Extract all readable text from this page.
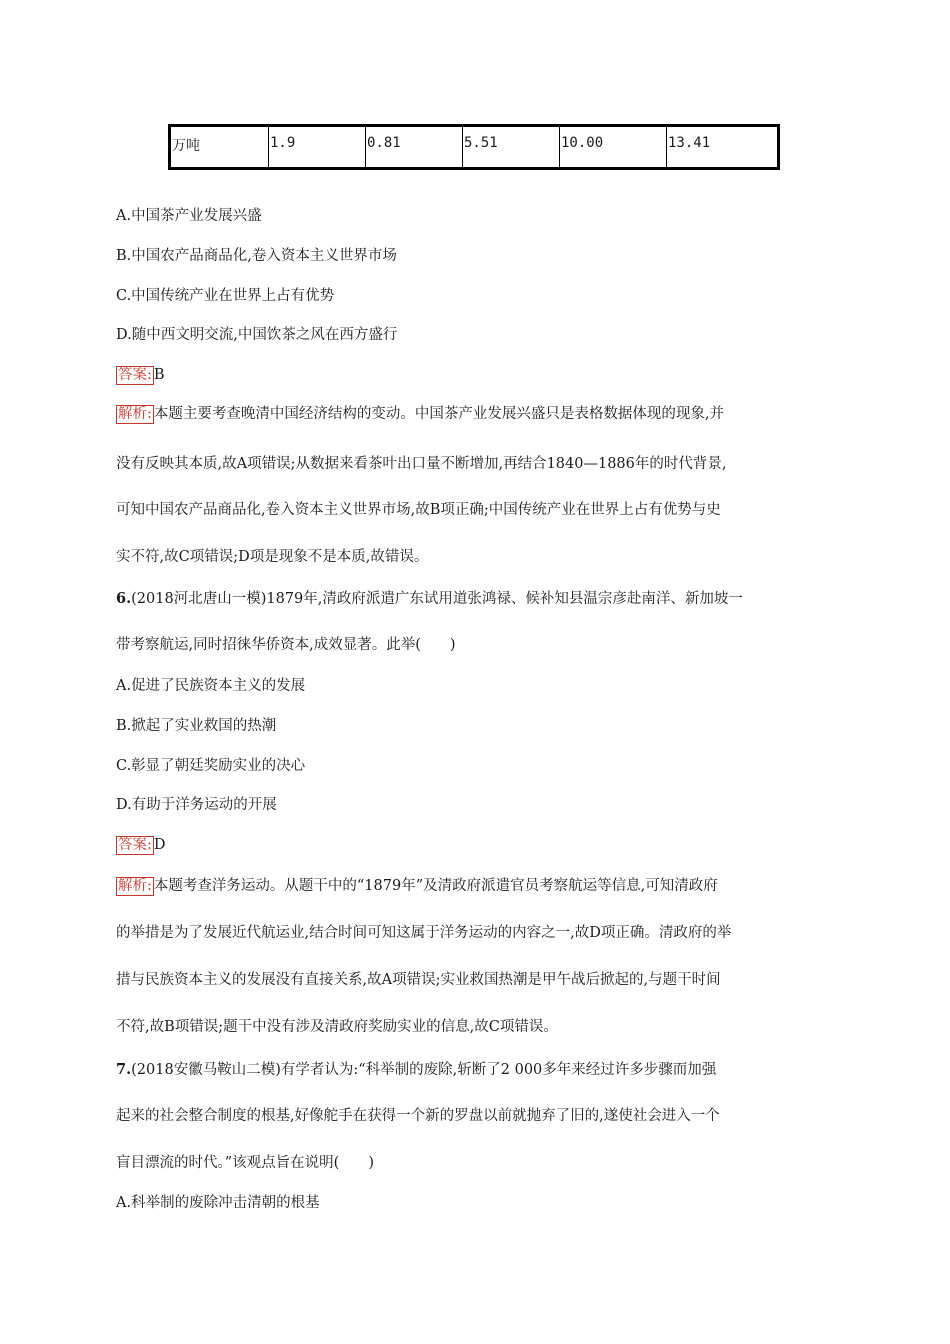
万吨	1.9	0.81	5.51	10.00	13.41
A.中国茶产业发展兴盛
B.中国农产品商品化,卷入资本主义世界市场
C.中国传统产业在世界上占有优势
D.随中西文明交流,中国饮茶之风在西方盛行
答案: B
解析: 本题主要考查晚清中国经济结构的变动。中国茶产业发展兴盛只是表格数据体现的现象,并
没有反映其本质,故A项错误;从数据来看茶叶出口量不断增加,再结合1840—1886年的时代背景,
可知中国农产品商品化,卷入资本主义世界市场,故B项正确;中国传统产业在世界上占有优势与史
实不符,故C项错误;D项是现象不是本质,故错误。
6.(2018河北唐山一模)1879年,清政府派遣广东试用道张鸿禄、候补知县温宗彦赴南洋、新加坡一
带考察航运,同时招徕华侨资本,成效显著。此举(　　)
A.促进了民族资本主义的发展
B.掀起了实业救国的热潮
C.彰显了朝廷奖励实业的决心
D.有助于洋务运动的开展
答案: D
解析: 本题考查洋务运动。从题干中的“1879年”及清政府派遣官员考察航运等信息,可知清政府
的举措是为了发展近代航运业,结合时间可知这属于洋务运动的内容之一,故D项正确。清政府的举
措与民族资本主义的发展没有直接关系,故A项错误;实业救国热潮是甲午战后掀起的,与题干时间
不符,故B项错误;题干中没有涉及清政府奖励实业的信息,故C项错误。
7.(2018安徽马鞍山二模)有学者认为:“科举制的废除,斩断了2 000多年来经过许多步骤而加强
起来的社会整合制度的根基,好像舵手在获得一个新的罗盘以前就抛弃了旧的,遂使社会进入一个
盲目漂流的时代。”该观点旨在说明(　　)
A.科举制的废除冲击清朝的根基
